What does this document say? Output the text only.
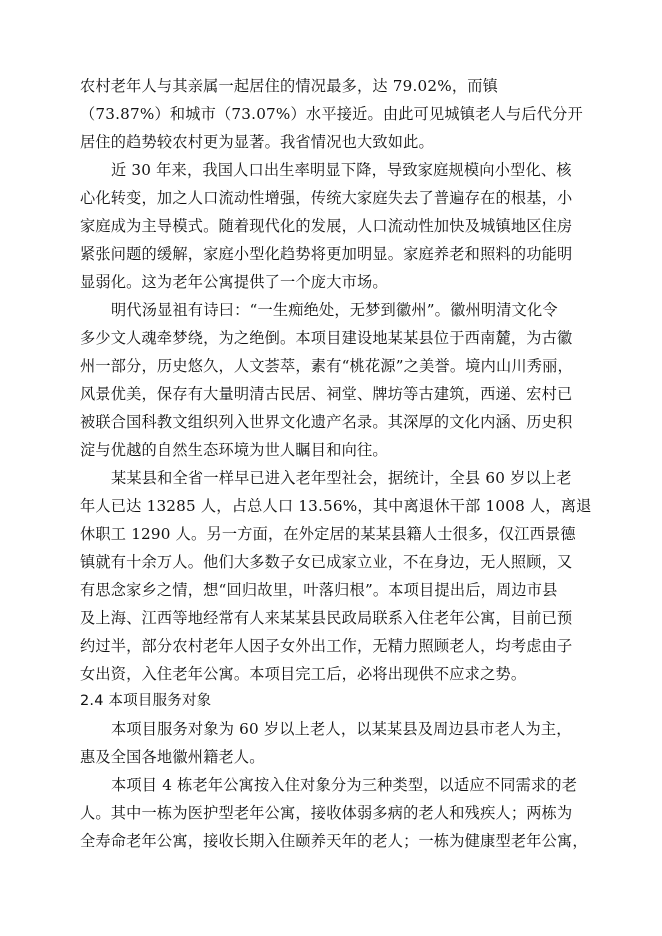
农村老年人与其亲属一起居住的情况最多，达 79.02%，而镇
（73.87%）和城市（73.07%）水平接近。由此可见城镇老人与后代分开
居住的趋势较农村更为显著。我省情况也大致如此。
近 30 年来，我国人口出生率明显下降，导致家庭规模向小型化、核
心化转变，加之人口流动性增强，传统大家庭失去了普遍存在的根基，小
家庭成为主导模式。随着现代化的发展，人口流动性加快及城镇地区住房
紧张问题的缓解，家庭小型化趋势将更加明显。家庭养老和照料的功能明
显弱化。这为老年公寓提供了一个庞大市场。
明代汤显祖有诗曰：“一生痴绝处，无梦到徽州”。徽州明清文化令
多少文人魂牵梦绕，为之绝倒。本项目建设地某某县位于西南麓，为古徽
州一部分，历史悠久，人文荟萃，素有“桃花源”之美誉。境内山川秀丽，
风景优美，保存有大量明清古民居、祠堂、牌坊等古建筑，西递、宏村已
被联合国科教文组织列入世界文化遗产名录。其深厚的文化内涵、历史积
淀与优越的自然生态环境为世人瞩目和向往。
某某县和全省一样早已进入老年型社会，据统计，全县 60 岁以上老
年人已达 13285 人，占总人口 13.56%，其中离退休干部 1008 人，离退
休职工 1290 人。另一方面，在外定居的某某县籍人士很多，仅江西景德
镇就有十余万人。他们大多数子女已成家立业，不在身边，无人照顾，又
有思念家乡之情，想“回归故里，叶落归根”。本项目提出后，周边市县
及上海、江西等地经常有人来某某县民政局联系入住老年公寓，目前已预
约过半，部分农村老年人因子女外出工作，无精力照顾老人，均考虑由子
女出资，入住老年公寓。本项目完工后，必将出现供不应求之势。
2.4 本项目服务对象
本项目服务对象为 60 岁以上老人，以某某县及周边县市老人为主，
惠及全国各地徽州籍老人。
本项目 4 栋老年公寓按入住对象分为三种类型，以适应不同需求的老
人。其中一栋为医护型老年公寓，接收体弱多病的老人和残疾人；两栋为
全寿命老年公寓，接收长期入住颐养天年的老人；一栋为健康型老年公寓，
